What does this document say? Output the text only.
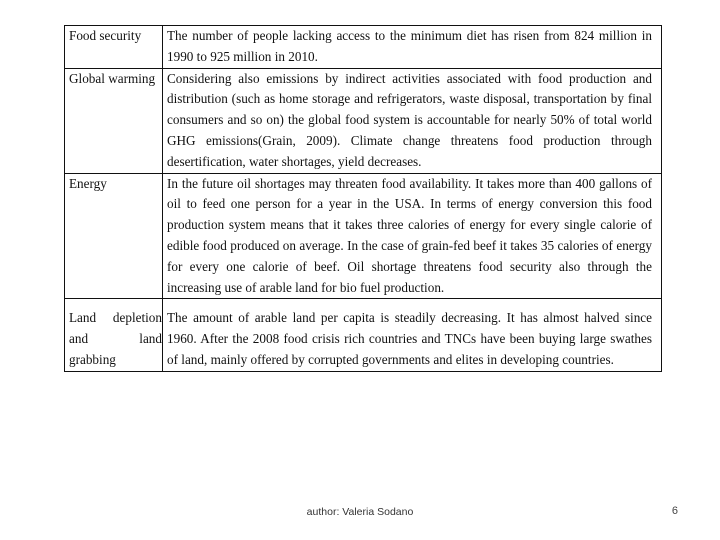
Food security	The number of people lacking access to the minimum diet has risen from 824 million in 1990 to 925 million in 2010.
Global warming	Considering also emissions by indirect activities associated with food production and distribution (such as home storage and refrigerators, waste disposal, transportation by final consumers and so on) the global food system is accountable for nearly 50% of total world GHG emissions(Grain, 2009). Climate change threatens food production through desertification, water shortages, yield decreases.
Energy	In the future oil shortages may threaten food availability. It takes more than 400 gallons of oil to feed one person for a year in the USA. In terms of energy conversion this food production system means that it takes three calories of energy for every single calorie of edible food produced on average. In the case of grain-fed beef it takes 35 calories of energy for every one calorie of beef. Oil shortage threatens food security also through the increasing use of arable land for bio fuel production.
Land depletion and land grabbing	The amount of arable land per capita is steadily decreasing. It has almost halved since 1960. After the 2008 food crisis rich countries and TNCs have been buying large swathes of land, mainly offered by corrupted governments and elites in developing countries.
author: Valeria Sodano	6
